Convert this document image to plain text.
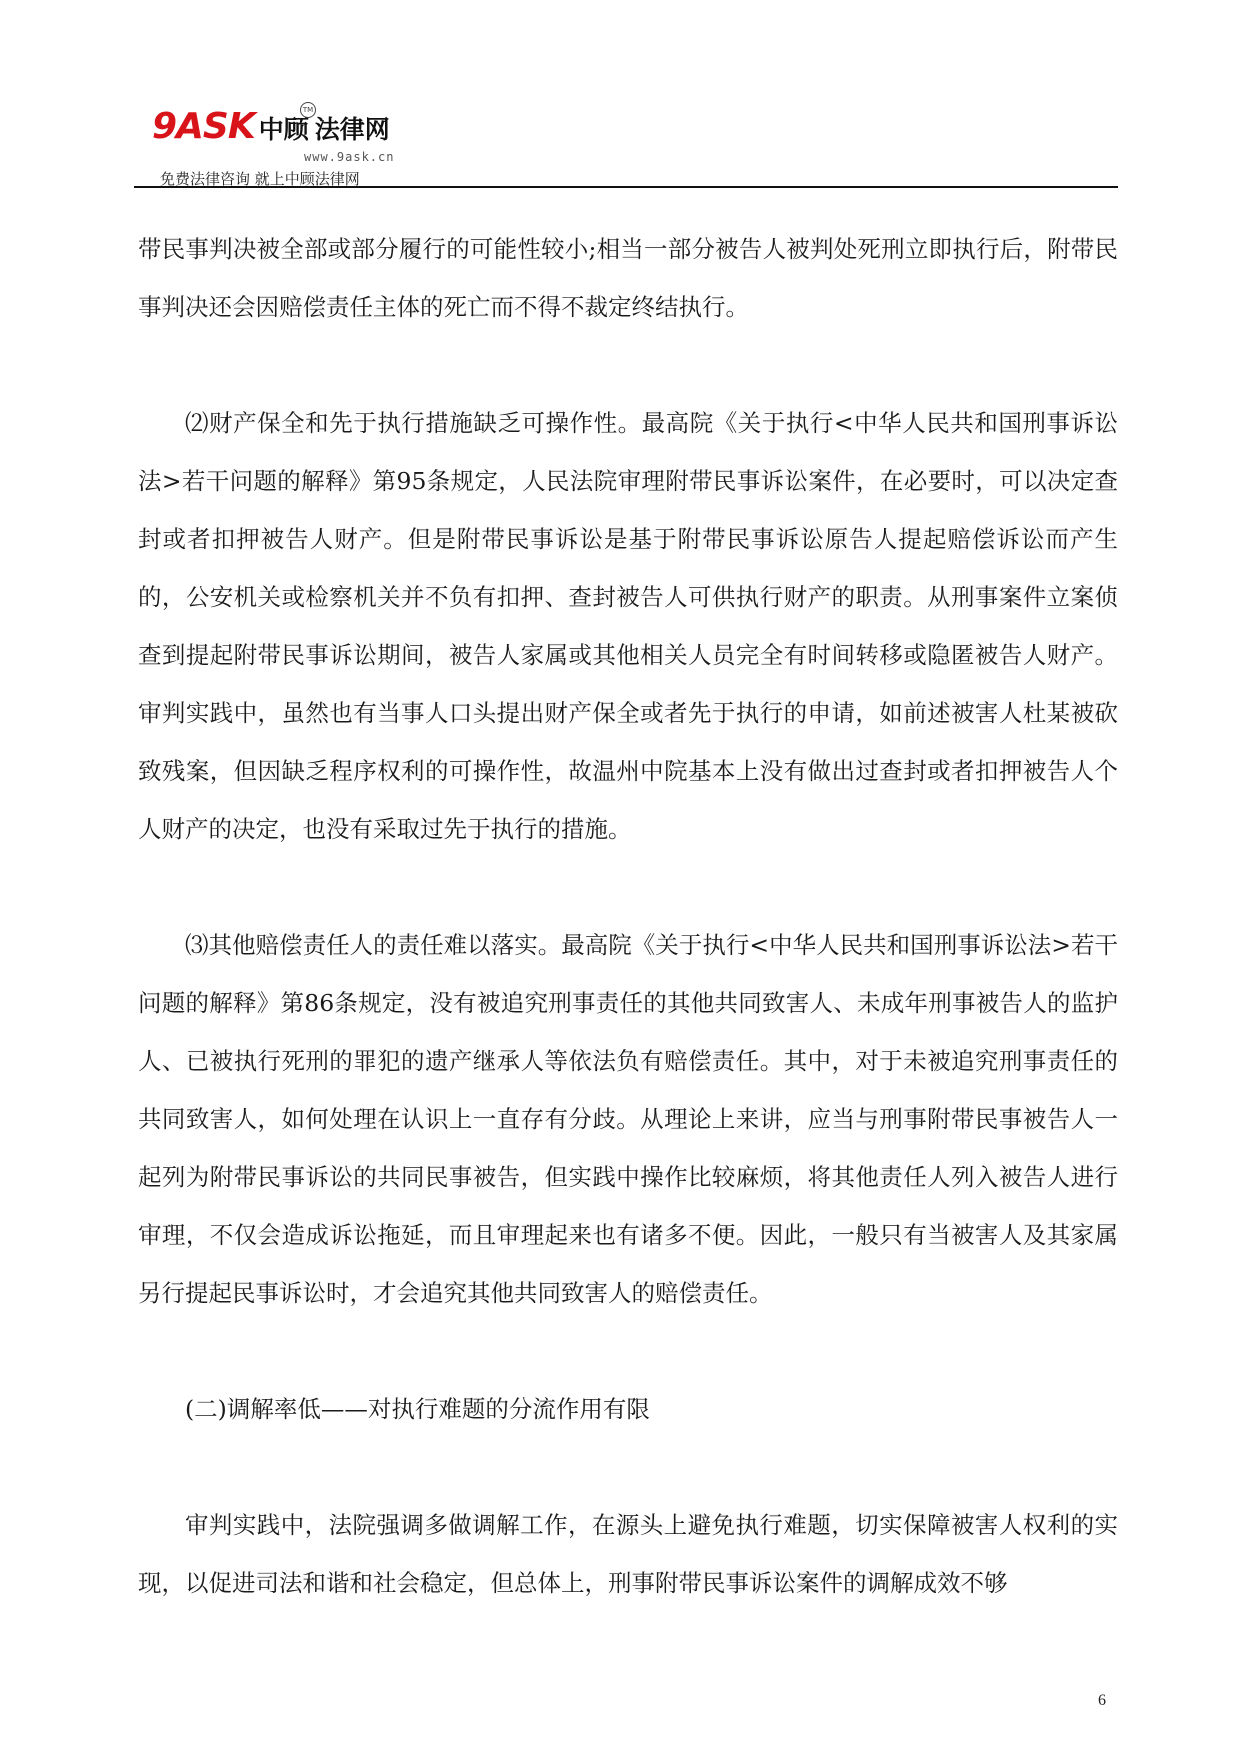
9ASK 中顾 法律网
TM
www.9ask.cn
免费法律咨询 就上中顾法律网

带民事判决被全部或部分履行的可能性较小;相当一部分被告人被判处死刑立即执行后，附带民事判决还会因赔偿责任主体的死亡而不得不裁定终结执行。

⑵财产保全和先于执行措施缺乏可操作性。最高院《关于执行<中华人民共和国刑事诉讼法>若干问题的解释》第95条规定，人民法院审理附带民事诉讼案件，在必要时，可以决定查封或者扣押被告人财产。但是附带民事诉讼是基于附带民事诉讼原告人提起赔偿诉讼而产生的，公安机关或检察机关并不负有扣押、查封被告人可供执行财产的职责。从刑事案件立案侦查到提起附带民事诉讼期间，被告人家属或其他相关人员完全有时间转移或隐匿被告人财产。审判实践中，虽然也有当事人口头提出财产保全或者先于执行的申请，如前述被害人杜某被砍致残案，但因缺乏程序权利的可操作性，故温州中院基本上没有做出过查封或者扣押被告人个人财产的决定，也没有采取过先于执行的措施。

⑶其他赔偿责任人的责任难以落实。最高院《关于执行<中华人民共和国刑事诉讼法>若干问题的解释》第86条规定，没有被追究刑事责任的其他共同致害人、未成年刑事被告人的监护人、已被执行死刑的罪犯的遗产继承人等依法负有赔偿责任。其中，对于未被追究刑事责任的共同致害人，如何处理在认识上一直存有分歧。从理论上来讲，应当与刑事附带民事被告人一起列为附带民事诉讼的共同民事被告，但实践中操作比较麻烦，将其他责任人列入被告人进行审理，不仅会造成诉讼拖延，而且审理起来也有诸多不便。因此，一般只有当被害人及其家属另行提起民事诉讼时，才会追究其他共同致害人的赔偿责任。

(二)调解率低——对执行难题的分流作用有限

审判实践中，法院强调多做调解工作，在源头上避免执行难题，切实保障被害人权利的实现，以促进司法和谐和社会稳定，但总体上，刑事附带民事诉讼案件的调解成效不够

6
